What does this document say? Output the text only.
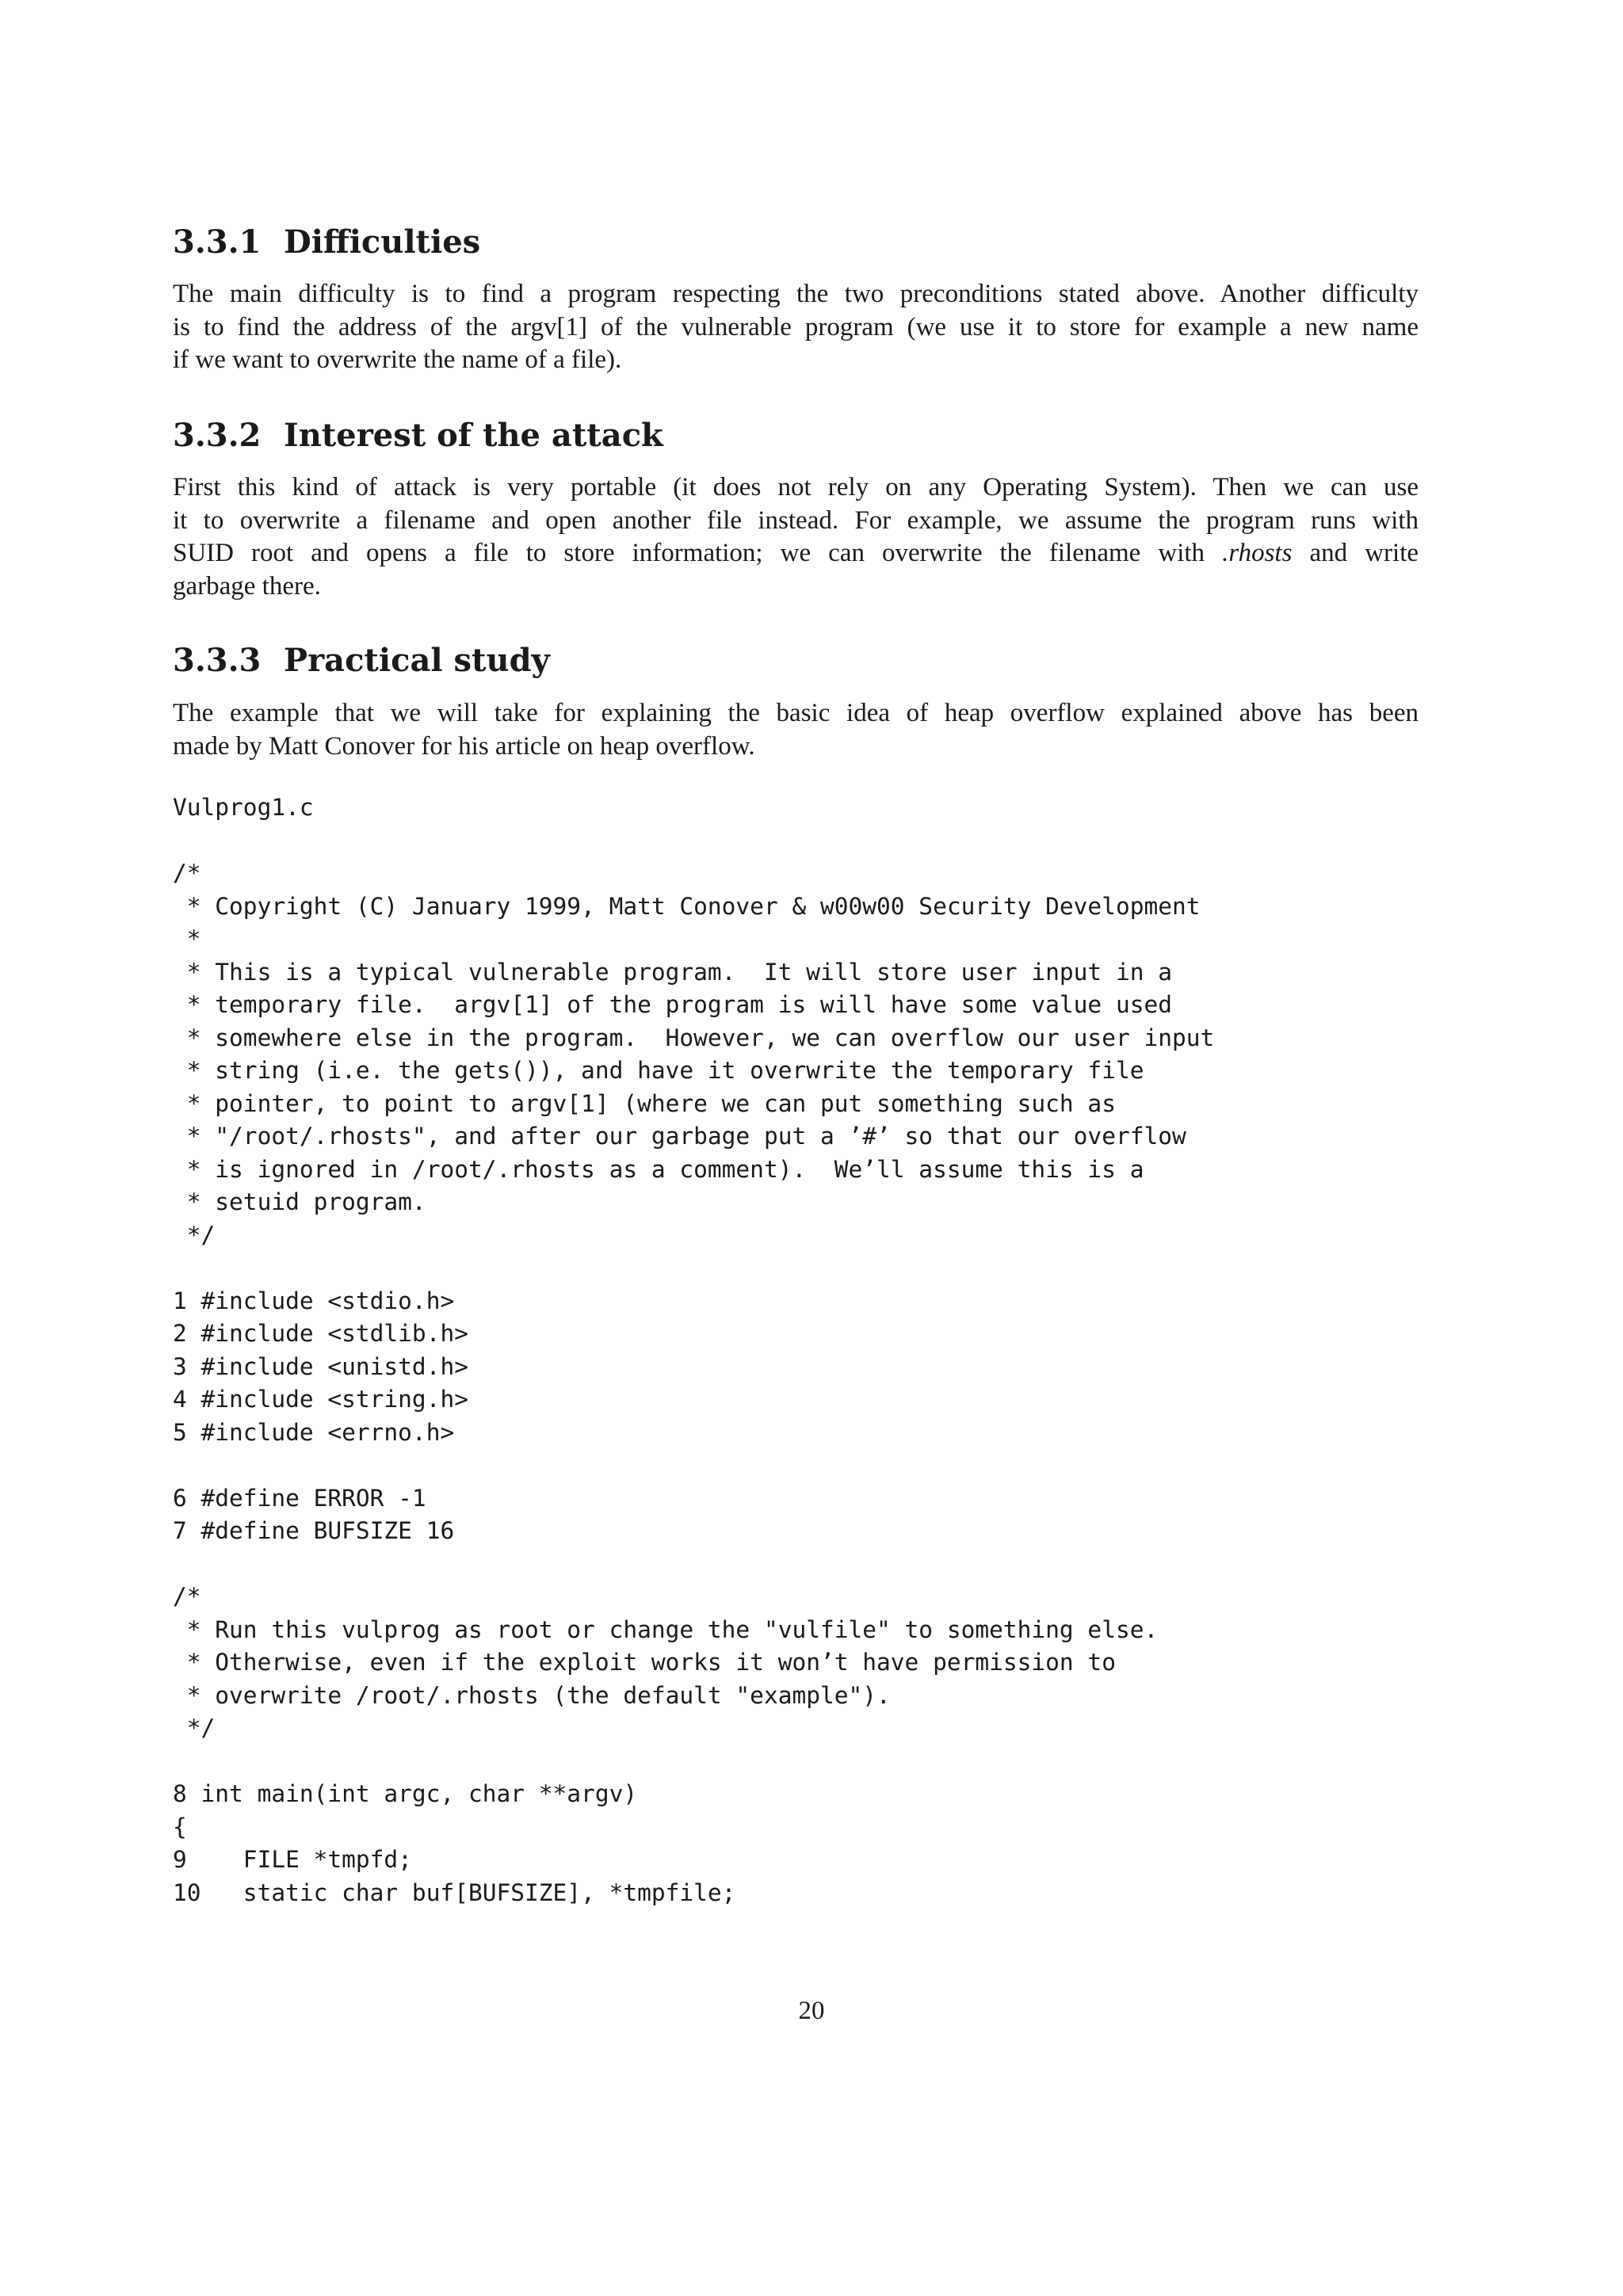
3.3.1 Difficulties

The main difficulty is to find a program respecting the two preconditions stated above. Another difficulty
is to find the address of the argv[1] of the vulnerable program (we use it to store for example a new name
if we want to overwrite the name of a file).

3.3.2 Interest of the attack

First this kind of attack is very portable (it does not rely on any Operating System). Then we can use
it to overwrite a filename and open another file instead. For example, we assume the program runs with
SUID root and opens a file to store information; we can overwrite the filename with .rhosts and write
garbage there.

3.3.3 Practical study

The example that we will take for explaining the basic idea of heap overflow explained above has been
made by Matt Conover for his article on heap overflow.

Vulprog1.c
/*
* Copyright (C) January 1999, Matt Conover & w00w00 Security Development
*
* This is a typical vulnerable program.  It will store user input in a
* temporary file.  argv[1] of the program is will have some value used
* somewhere else in the program.  However, we can overflow our user input
* string (i.e. the gets()), and have it overwrite the temporary file
* pointer, to point to argv[1] (where we can put something such as
* "/root/.rhosts", and after our garbage put a ’#’ so that our overflow
* is ignored in /root/.rhosts as a comment).  We’ll assume this is a
* setuid program.
*/
1 #include <stdio.h>
2 #include <stdlib.h>
3 #include <unistd.h>
4 #include <string.h>
5 #include <errno.h>
6 #define ERROR -1
7 #define BUFSIZE 16
/*
* Run this vulprog as root or change the "vulfile" to something else.
* Otherwise, even if the exploit works it won’t have permission to
* overwrite /root/.rhosts (the default "example").
*/
8 int main(int argc, char **argv)
{
9    FILE *tmpfd;
10   static char buf[BUFSIZE], *tmpfile;

20
